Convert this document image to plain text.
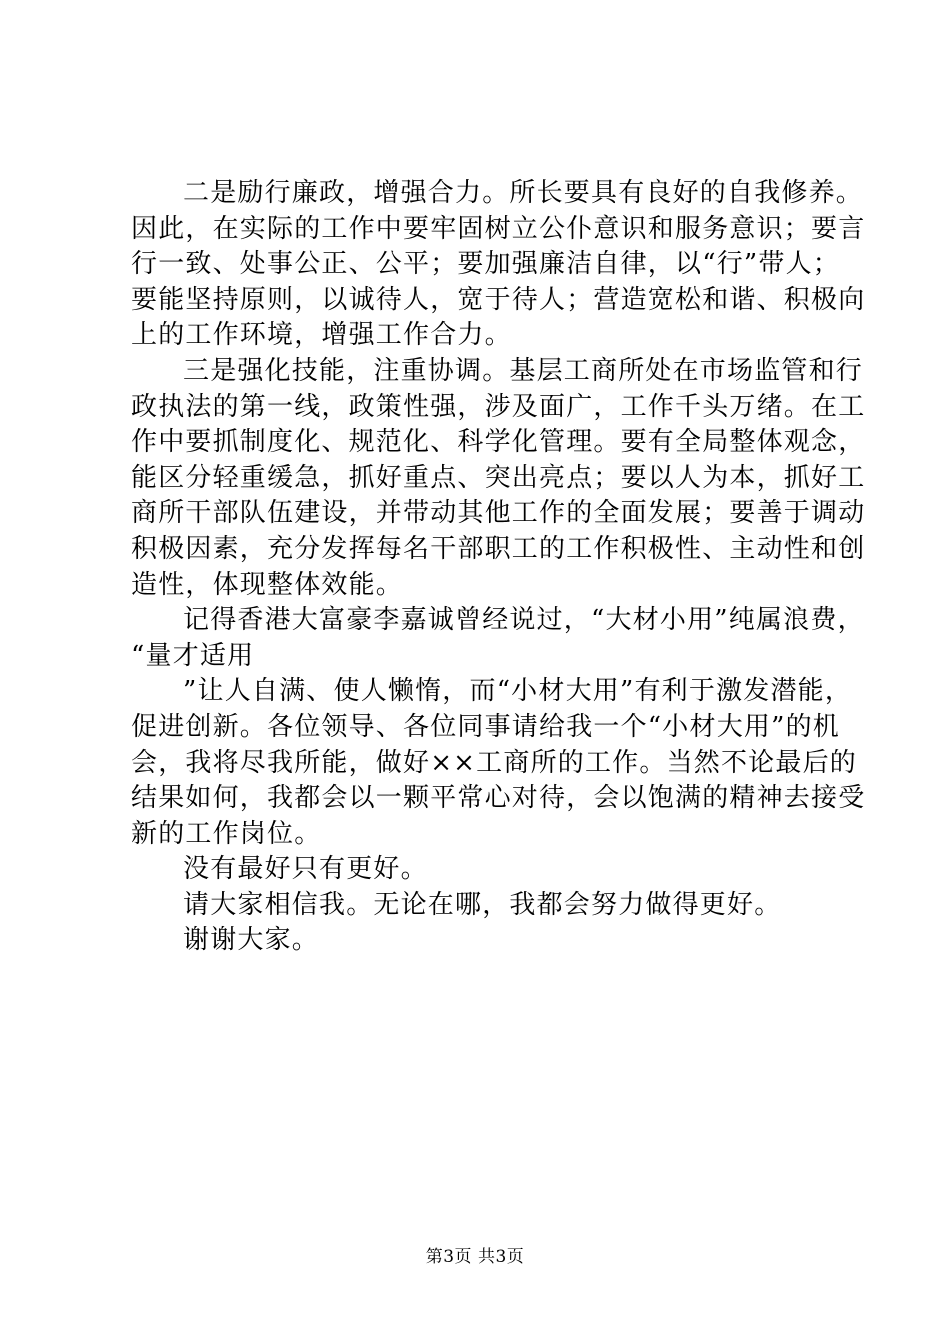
二是励行廉政，增强合力。所长要具有良好的自我修养。
因此，在实际的工作中要牢固树立公仆意识和服务意识；要言
行一致、处事公正、公平；要加强廉洁自律，以“行”带人；
要能坚持原则，以诚待人，宽于待人；营造宽松和谐、积极向
上的工作环境，增强工作合力。
三是强化技能，注重协调。基层工商所处在市场监管和行
政执法的第一线，政策性强，涉及面广，工作千头万绪。在工
作中要抓制度化、规范化、科学化管理。要有全局整体观念，
能区分轻重缓急，抓好重点、突出亮点；要以人为本，抓好工
商所干部队伍建设，并带动其他工作的全面发展；要善于调动
积极因素，充分发挥每名干部职工的工作积极性、主动性和创
造性，体现整体效能。
记得香港大富豪李嘉诚曾经说过，“大材小用”纯属浪费，
“量才适用
”让人自满、使人懒惰，而“小材大用”有利于激发潜能，
促进创新。各位领导、各位同事请给我一个“小材大用”的机
会，我将尽我所能，做好××工商所的工作。当然不论最后的
结果如何，我都会以一颗平常心对待，会以饱满的精神去接受
新的工作岗位。
没有最好只有更好。
请大家相信我。无论在哪，我都会努力做得更好。
谢谢大家。
第3页 共3页
